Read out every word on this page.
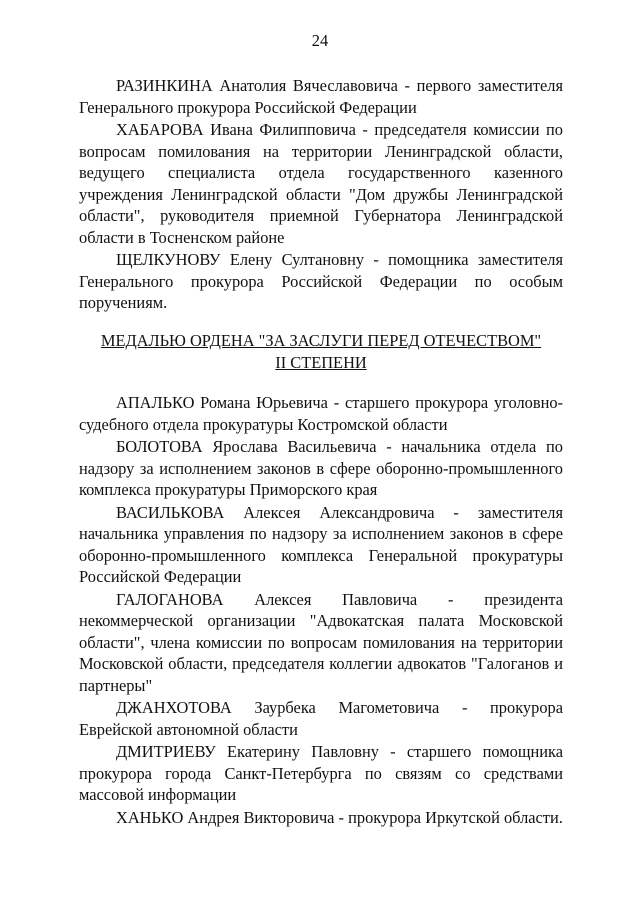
24

РАЗИНКИНА Анатолия Вячеславовича - первого заместителя Генерального прокурора Российской Федерации

ХАБАРОВА Ивана Филипповича - председателя комиссии по вопросам помилования на территории Ленинградской области, ведущего специалиста отдела государственного казенного учреждения Ленинградской области "Дом дружбы Ленинградской области", руководителя приемной Губернатора Ленинградской области в Тосненском районе

ЩЕЛКУНОВУ Елену Султановну - помощника заместителя Генерального прокурора Российской Федерации по особым поручениям.

МЕДАЛЬЮ ОРДЕНА "ЗА ЗАСЛУГИ ПЕРЕД ОТЕЧЕСТВОМ"
II СТЕПЕНИ

АПАЛЬКО Романа Юрьевича - старшего прокурора уголовно-судебного отдела прокуратуры Костромской области

БОЛОТОВА Ярослава Васильевича - начальника отдела по надзору за исполнением законов в сфере оборонно-промышленного комплекса прокуратуры Приморского края

ВАСИЛЬКОВА Алексея Александровича - заместителя начальника управления по надзору за исполнением законов в сфере оборонно-промышленного комплекса Генеральной прокуратуры Российской Федерации

ГАЛОГАНОВА Алексея Павловича - президента некоммерческой организации "Адвокатская палата Московской области", члена комиссии по вопросам помилования на территории Московской области, председателя коллегии адвокатов "Галоганов и партнеры"

ДЖАНХОТОВА Заурбека Магометовича - прокурора Еврейской автономной области

ДМИТРИЕВУ Екатерину Павловну - старшего помощника прокурора города Санкт-Петербурга по связям со средствами массовой информации

ХАНЬКО Андрея Викторовича - прокурора Иркутской области.
